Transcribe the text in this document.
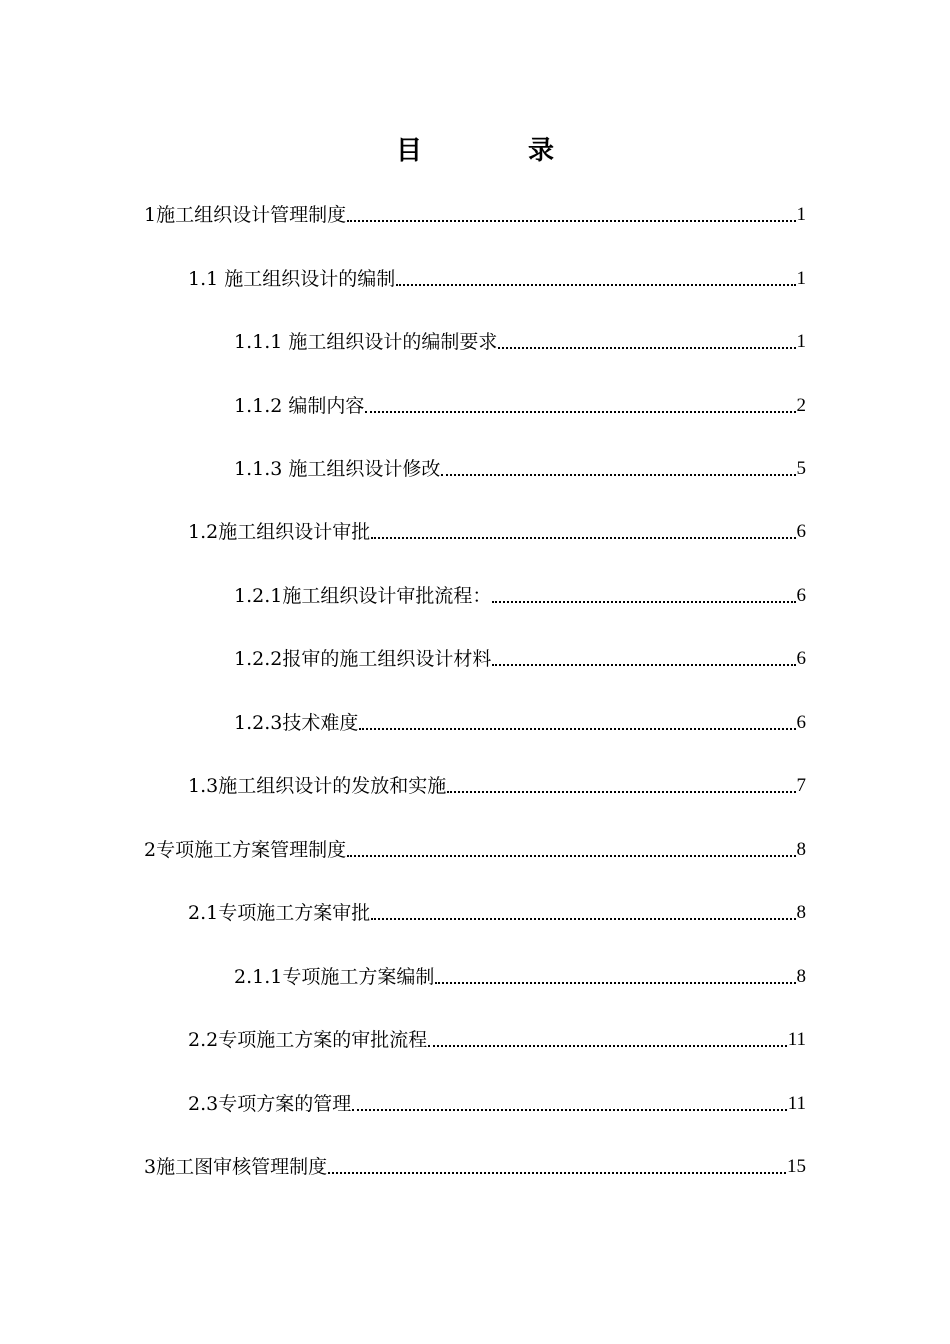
目　录
1施工组织设计管理制度	1
1.1 施工组织设计的编制	1
1.1.1 施工组织设计的编制要求	1
1.1.2 编制内容	2
1.1.3 施工组织设计修改	5
1.2施工组织设计审批	6
1.2.1施工组织设计审批流程：	6
1.2.2报审的施工组织设计材料	6
1.2.3技术难度	6
1.3施工组织设计的发放和实施	7
2专项施工方案管理制度	8
2.1专项施工方案审批	8
2.1.1专项施工方案编制	8
2.2专项施工方案的审批流程	11
2.3专项方案的管理	11
3施工图审核管理制度	15
